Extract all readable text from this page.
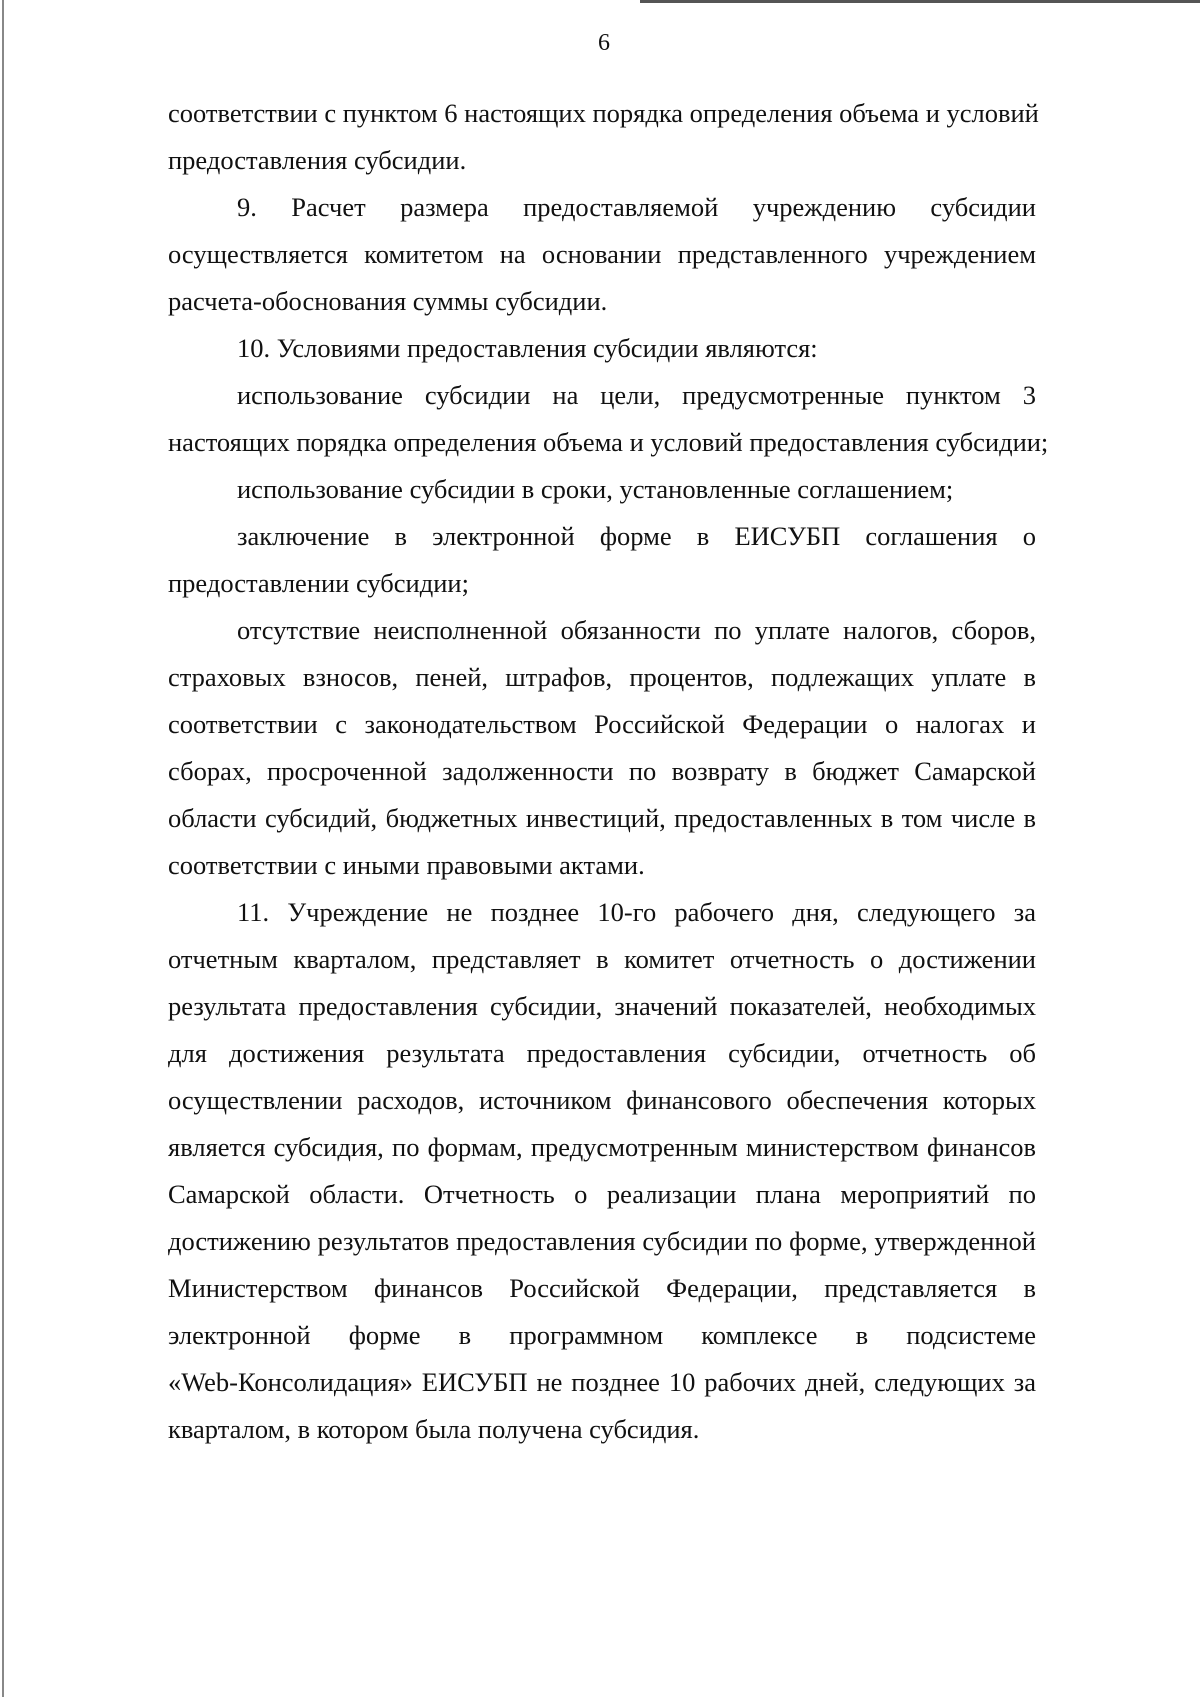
6
соответствии с пунктом 6 настоящих порядка определения объема и условий
предоставления субсидии.
9. Расчет размера предоставляемой учреждению субсидии
осуществляется комитетом на основании представленного учреждением
расчета-обоснования суммы субсидии.
10. Условиями предоставления субсидии являются:
использование субсидии на цели, предусмотренные пунктом 3
настоящих порядка определения объема и условий предоставления субсидии;
использование субсидии в сроки, установленные соглашением;
заключение в электронной форме в ЕИСУБП соглашения о
предоставлении субсидии;
отсутствие неисполненной обязанности по уплате налогов, сборов,
страховых взносов, пеней, штрафов, процентов, подлежащих уплате в
соответствии с законодательством Российской Федерации о налогах и
сборах, просроченной задолженности по возврату в бюджет Самарской
области субсидий, бюджетных инвестиций, предоставленных в том числе в
соответствии с иными правовыми актами.
11. Учреждение не позднее 10-го рабочего дня, следующего за
отчетным кварталом, представляет в комитет отчетность о достижении
результата предоставления субсидии, значений показателей, необходимых
для достижения результата предоставления субсидии, отчетность об
осуществлении расходов, источником финансового обеспечения которых
является субсидия, по формам, предусмотренным министерством финансов
Самарской области. Отчетность о реализации плана мероприятий по
достижению результатов предоставления субсидии по форме, утвержденной
Министерством финансов Российской Федерации, представляется в
электронной форме в программном комплексе в подсистеме
«Web-Консолидация» ЕИСУБП не позднее 10 рабочих дней, следующих за
кварталом, в котором была получена субсидия.
